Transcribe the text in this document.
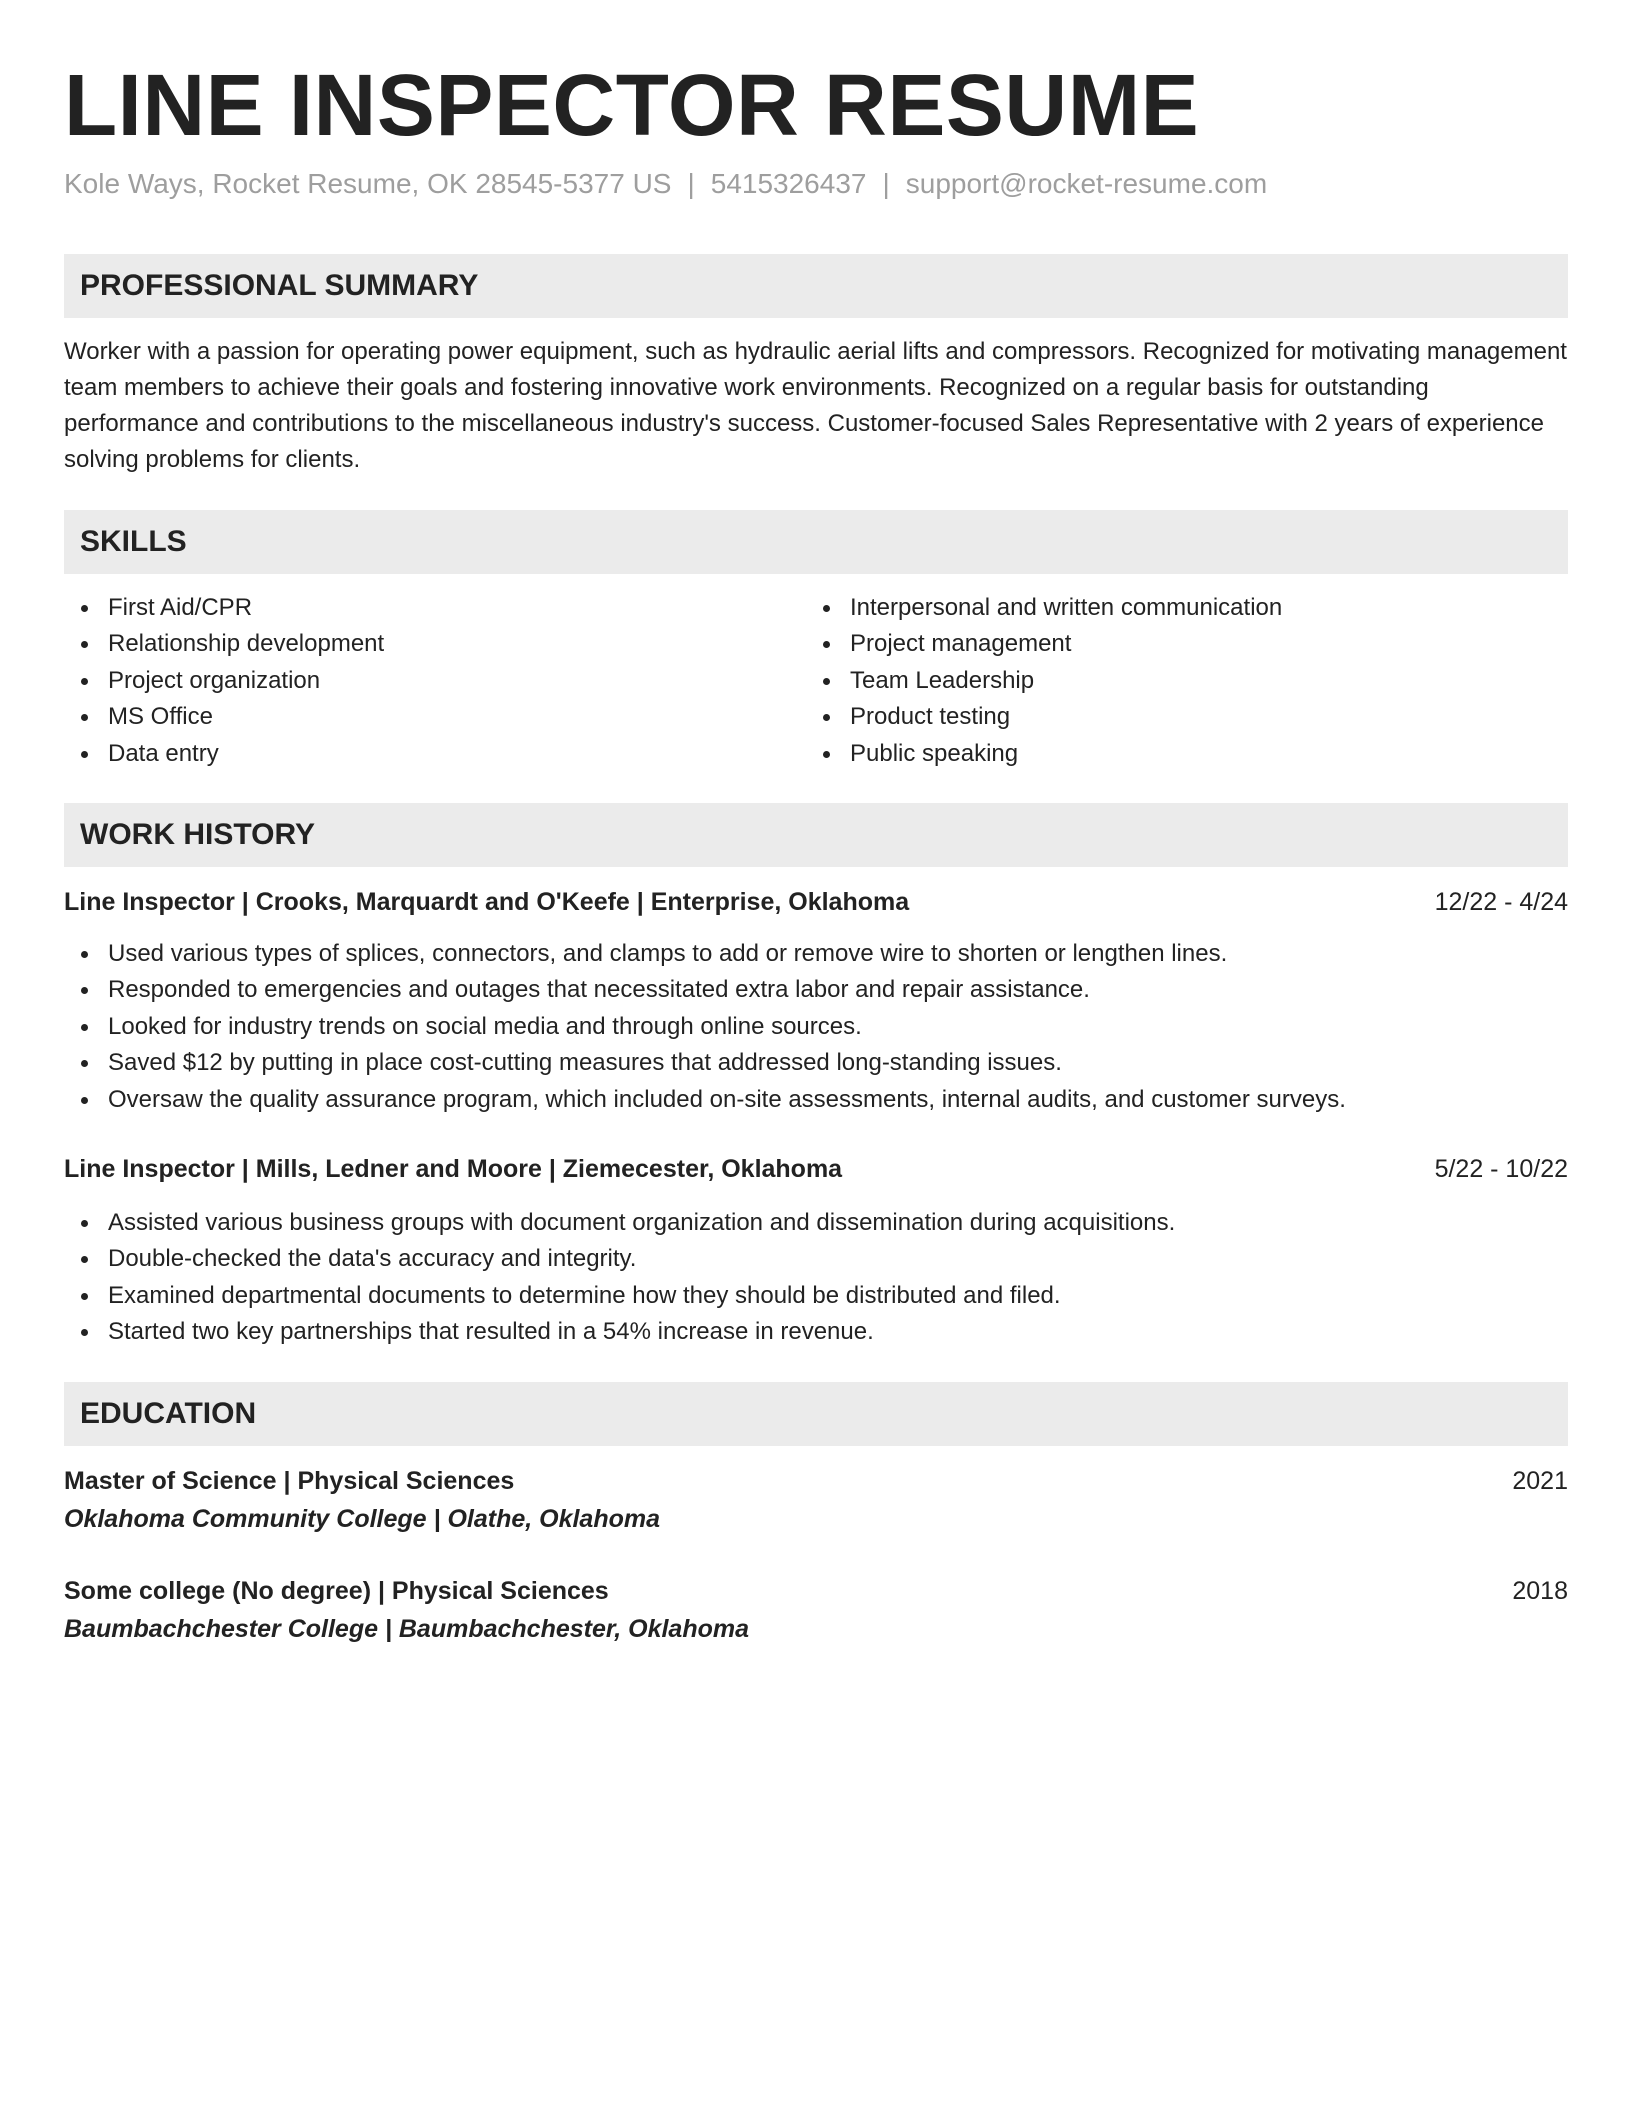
LINE INSPECTOR RESUME
Kole Ways, Rocket Resume, OK 28545-5377 US | 5415326437 | support@rocket-resume.com
PROFESSIONAL SUMMARY

Worker with a passion for operating power equipment, such as hydraulic aerial lifts and compressors. Recognized for motivating management team members to achieve their goals and fostering innovative work environments. Recognized on a regular basis for outstanding performance and contributions to the miscellaneous industry's success. Customer-focused Sales Representative with 2 years of experience solving problems for clients.

SKILLS
First Aid/CPR
Relationship development
Project organization
MS Office
Data entry
Interpersonal and written communication
Project management
Team Leadership
Product testing
Public speaking
WORK HISTORY
Line Inspector | Crooks, Marquardt and O'Keefe | Enterprise, Oklahoma	12/22 - 4/24
Used various types of splices, connectors, and clamps to add or remove wire to shorten or lengthen lines.
Responded to emergencies and outages that necessitated extra labor and repair assistance.
Looked for industry trends on social media and through online sources.
Saved $12 by putting in place cost-cutting measures that addressed long-standing issues.
Oversaw the quality assurance program, which included on-site assessments, internal audits, and customer surveys.
Line Inspector | Mills, Ledner and Moore | Ziemecester, Oklahoma	5/22 - 10/22
Assisted various business groups with document organization and dissemination during acquisitions.
Double-checked the data's accuracy and integrity.
Examined departmental documents to determine how they should be distributed and filed.
Started two key partnerships that resulted in a 54% increase in revenue.
EDUCATION
Master of Science | Physical Sciences	2021
Oklahoma Community College | Olathe, Oklahoma
Some college (No degree) | Physical Sciences	2018
Baumbachchester College | Baumbachchester, Oklahoma
